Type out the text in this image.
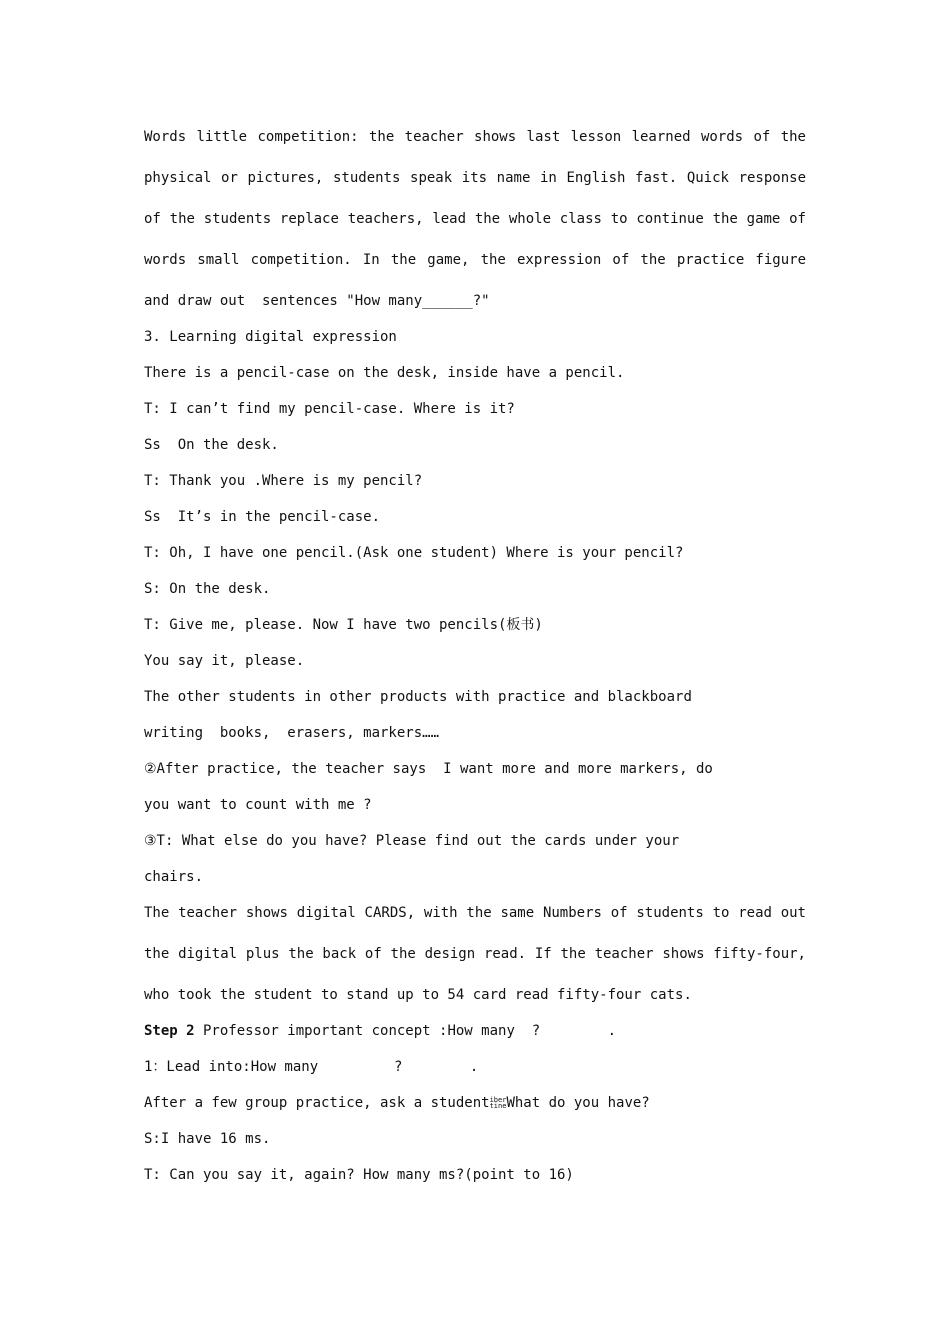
Words little competition: the teacher shows last lesson learned words of the
physical or pictures, students speak its name in English fast. Quick response
of the students replace teachers, lead the whole class to continue the game of
words small competition. In the game, the expression of the practice figure
and draw out  sentences "How many______?"
3. Learning digital expression
There is a pencil-case on the desk, inside have a pencil.
T: I can’t find my pencil-case. Where is it?
Ss  On the desk.
T: Thank you .Where is my pencil?
Ss  It’s in the pencil-case.
T: Oh, I have one pencil.(Ask one student) Where is your pencil?
S: On the desk.
T: Give me, please. Now I have two pencils(板书)
You say it, please.
The other students in other products with practice and blackboard
writing  books,  erasers, markers……
②After practice, the teacher says  I want more and more markers, do
you want to count with me ?
③T: What else do you have? Please find out the cards under your
chairs.
The teacher shows digital CARDS, with the same Numbers of students to read out
the digital plus the back of the design read. If the teacher shows fifty-four,
who took the student to stand up to 54 card read fifty-four cats.
Step 2 Professor important concept :How many  ?        .
1：Lead into:How many         ?        .
After a few group practice, ask a studentiber
tineWhat do you have?
S:I have 16 ms.
T: Can you say it, again? How many ms?(point to 16)
